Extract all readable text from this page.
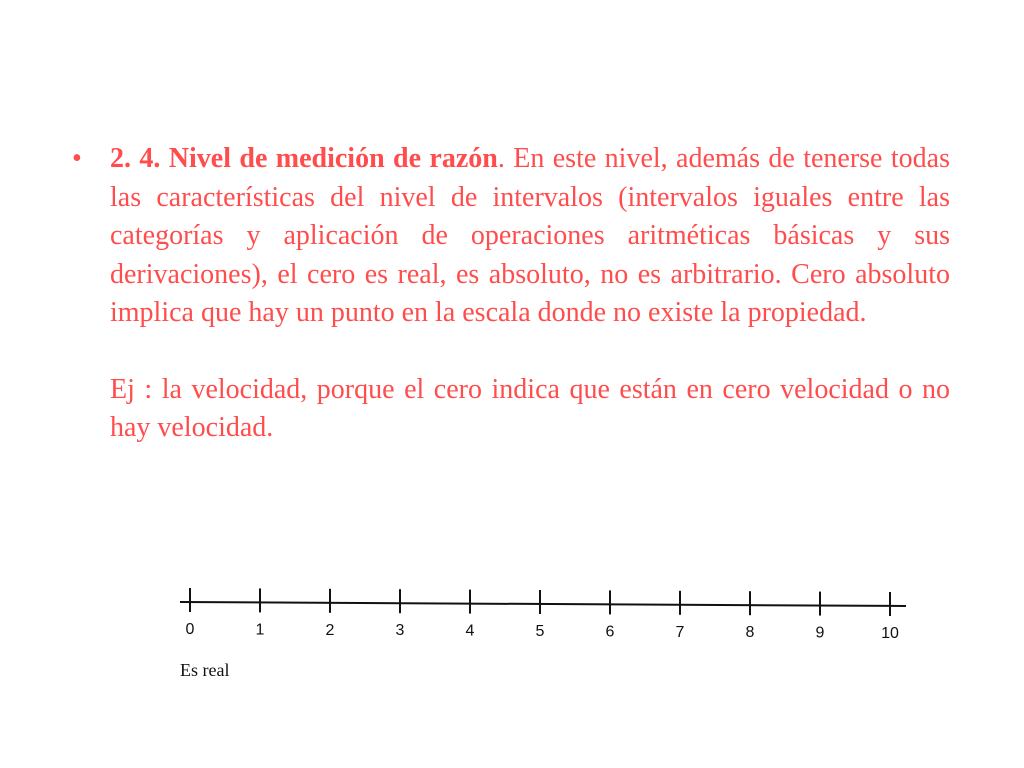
•	2. 4. Nivel de medición de razón. En este nivel, además de tenerse todas las características del nivel de intervalos (intervalos iguales entre las categorías y aplicación de operaciones aritméticas básicas y sus derivaciones), el cero es real, es absoluto, no es arbitrario. Cero absoluto implica que hay un punto en la escala donde no existe la propiedad.
Ej : la velocidad, porque el cero indica que están en cero velocidad o no hay velocidad.
0	1	2	3	4	5	6	7	8	9	10
Es real
